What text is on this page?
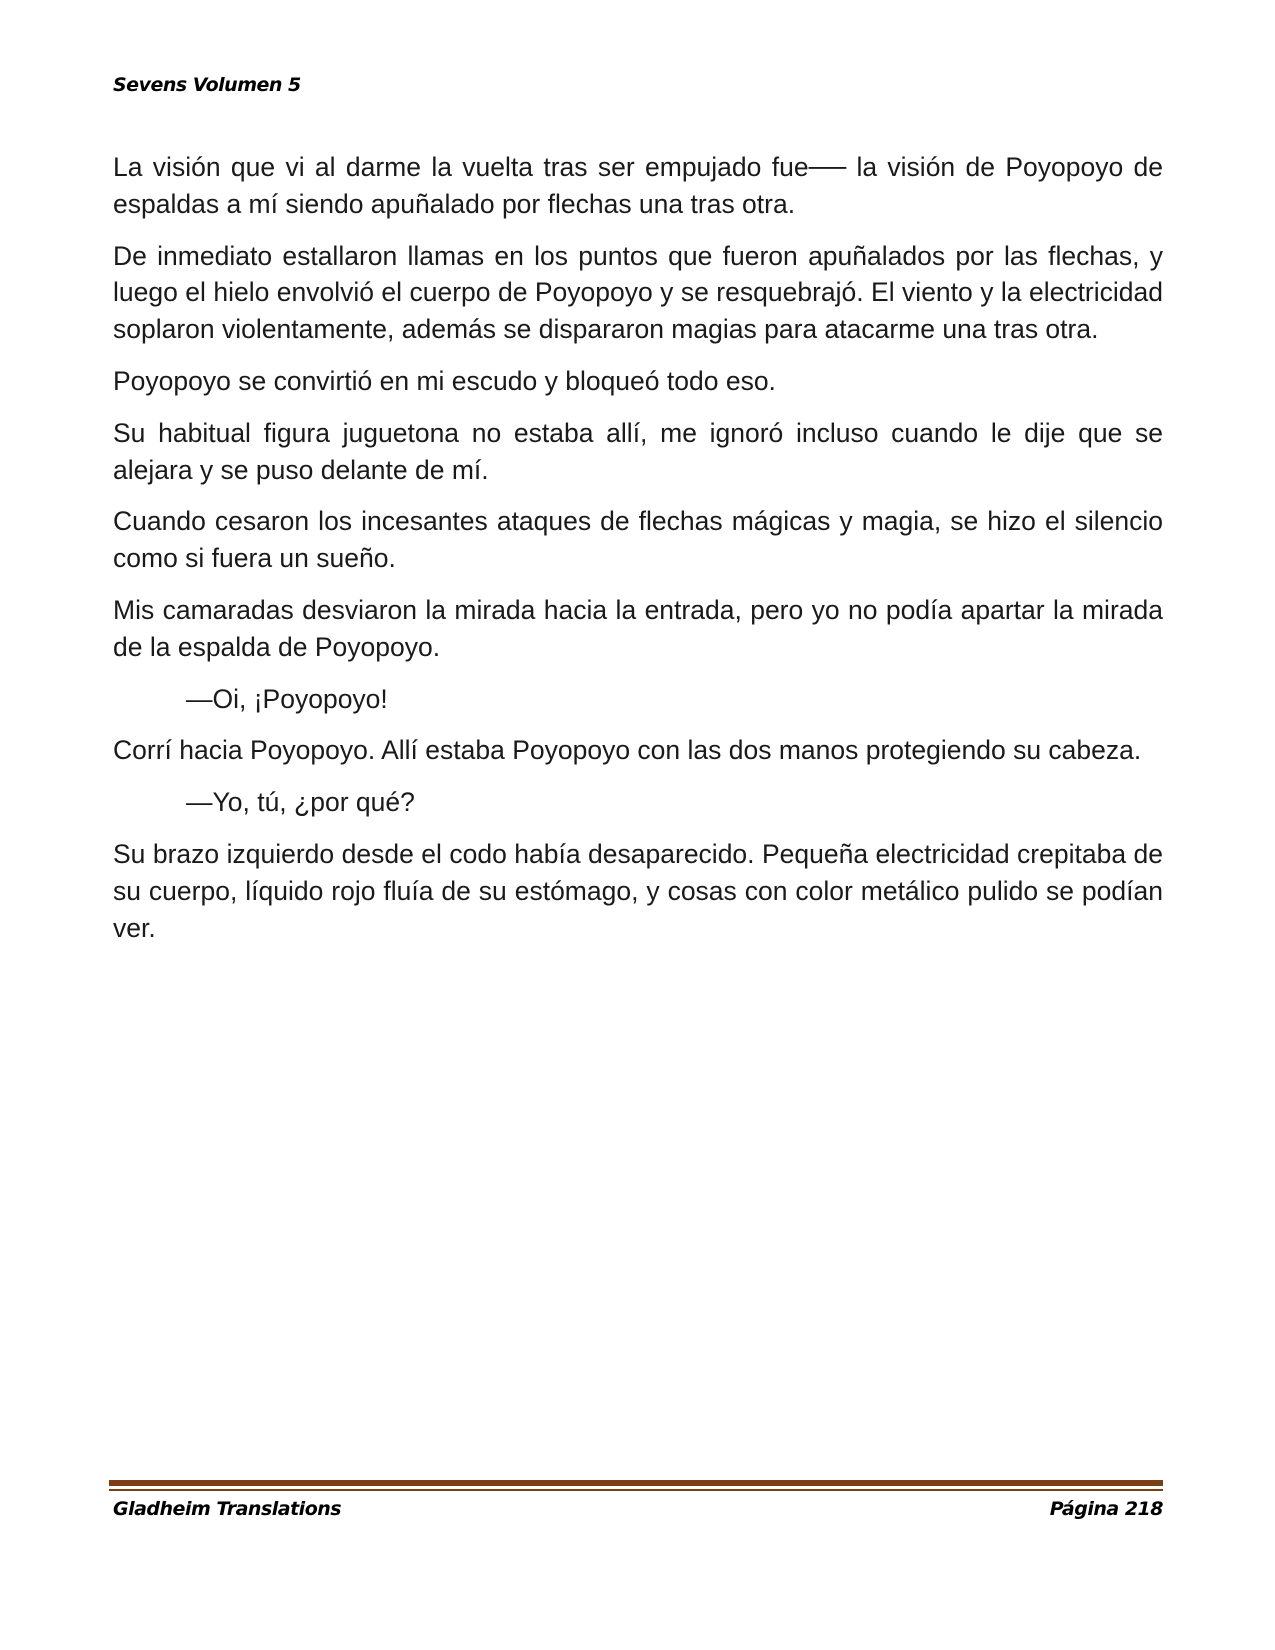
Sevens Volumen 5

La visión que vi al darme la vuelta tras ser empujado fue── la visión de Poyopoyo de espaldas a mí siendo apuñalado por flechas una tras otra.

De inmediato estallaron llamas en los puntos que fueron apuñalados por las flechas, y luego el hielo envolvió el cuerpo de Poyopoyo y se resquebrajó. El viento y la electricidad soplaron violentamente, además se dispararon magias para atacarme una tras otra.

Poyopoyo se convirtió en mi escudo y bloqueó todo eso.

Su habitual figura juguetona no estaba allí, me ignoró incluso cuando le dije que se alejara y se puso delante de mí.

Cuando cesaron los incesantes ataques de flechas mágicas y magia, se hizo el silencio como si fuera un sueño.

Mis camaradas desviaron la mirada hacia la entrada, pero yo no podía apartar la mirada de la espalda de Poyopoyo.

—Oi, ¡Poyopoyo!

Corrí hacia Poyopoyo. Allí estaba Poyopoyo con las dos manos protegiendo su cabeza.

—Yo, tú, ¿por qué?

Su brazo izquierdo desde el codo había desaparecido. Pequeña electricidad crepitaba de su cuerpo, líquido rojo fluía de su estómago, y cosas con color metálico pulido se podían ver.

Gladheim Translations	Página 218
